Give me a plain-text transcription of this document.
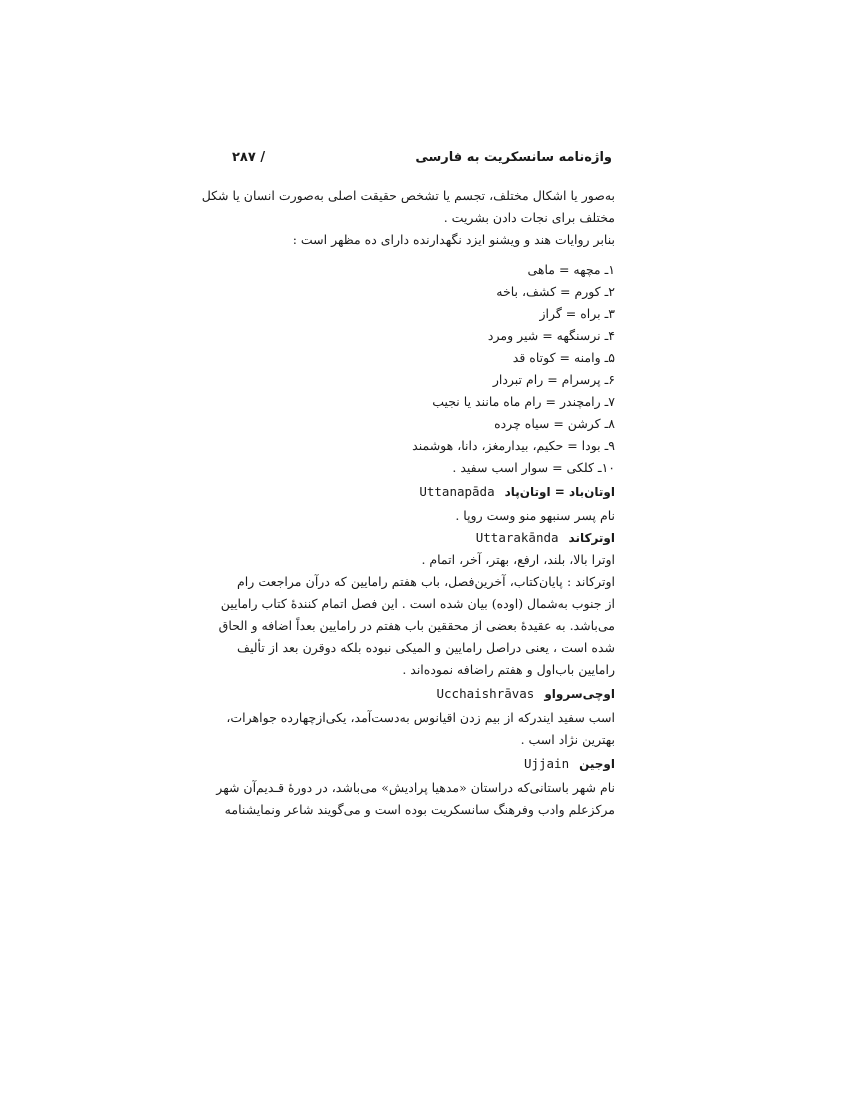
واژه‌نامه سانسکریت به فارسی
۲۸۷ /
به‌صور یا اشکال مختلف، تجسم یا تشخص حقیقت اصلی به‌صورت انسان یا شکل
مختلف برای نجات دادن بشریت .
بنابر روایات هند و ویشنو ایزد نگهدارنده دارای ده مظهر است :
۱ـ مچهه = ماهی
۲ـ کورم = کشف، باخه
۳ـ براه = گراز
۴ـ نرسنگهه = شیر ومرد
۵ـ وامنه = کوتاه قد
۶ـ پرسرام = رام تبردار
۷ـ رامچندر = رام ماه مانند یا نجیب
۸ـ کرشن = سیاه چرده
۹ـ بودا = حکیم، بیدارمغز، دانا، هوشمند
۱۰ـ کلکی = سوار اسب سفید .
اوتان‌باد = اوتان‌پاد Uttanapāda
نام پسر سنبهو منو وست روپا .
اوترکاند Uttarakānda
اوترا بالا، بلند، ارفع، بهتر، آخر، اتمام .
اوترکاند : پایان‌کتاب، آخرین‌فصل، باب هفتم رامایین که درآن مراجعت رام
از جنوب به‌شمال (اوده) بیان شده است . این فصل اتمام کنندهٔ کتاب رامایین
می‌باشد. به عقیدهٔ بعضی از محققین باب هفتم در رامایین بعداً اضافه و الحاق
شده است ، یعنی دراصل رامایین و المیکی نبوده بلکه دوقرن بعد از تألیف
رامایین باب‌اول و هفتم راضافه نموده‌اند .
اوچی‌سرواو Ucchaishrāvas
اسب سفید ایندرکه از بیم زدن اقیانوس به‌دست‌آمد، یکی‌ازچهارده جواهرات،
بهترین نژاد اسب .
اوجین Ujjain
نام شهر باستانی‌که دراستان «مدهیا پرادیش» می‌باشد، در دورهٔ قـدیم‌آن شهر
مرکزعلم وادب وفرهنگ سانسکریت بوده است و می‌گویند شاعر ونمایشنامه
